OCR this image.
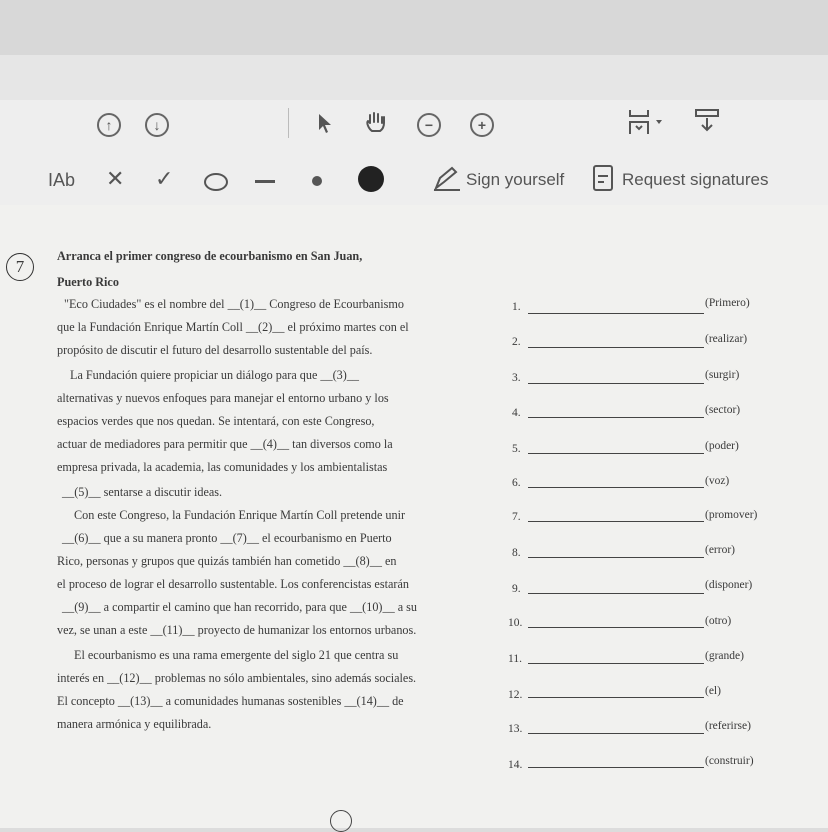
↑	↓	−	+
IAb ✕ ✓	Sign yourself	Request signatures
7
Arranca el primer congreso de ecourbanismo en San Juan,
Puerto Rico
"Eco Ciudades" es el nombre del __(1)__ Congreso de Ecourbanismo
que la Fundación Enrique Martín Coll __(2)__ el próximo martes con el
propósito de discutir el futuro del desarrollo sustentable del país.
La Fundación quiere propiciar un diálogo para que __(3)__
alternativas y nuevos enfoques para manejar el entorno urbano y los
espacios verdes que nos quedan. Se intentará, con este Congreso,
actuar de mediadores para permitir que __(4)__ tan diversos como la
empresa privada, la academia, las comunidades y los ambientalistas
__(5)__ sentarse a discutir ideas.
Con este Congreso, la Fundación Enrique Martín Coll pretende unir
__(6)__ que a su manera pronto __(7)__ el ecourbanismo en Puerto
Rico, personas y grupos que quizás también han cometido __(8)__ en
el proceso de lograr el desarrollo sustentable. Los conferencistas estarán
__(9)__ a compartir el camino que han recorrido, para que __(10)__ a su
vez, se unan a este __(11)__ proyecto de humanizar los entornos urbanos.
El ecourbanismo es una rama emergente del siglo 21 que centra su
interés en __(12)__ problemas no sólo ambientales, sino además sociales.
El concepto __(13)__ a comunidades humanas sostenibles __(14)__ de
manera armónica y equilibrada.
1.	(Primero)
2.	(realizar)
3.	(surgir)
4.	(sector)
5.	(poder)
6.	(voz)
7.	(promover)
8.	(error)
9.	(disponer)
10.	(otro)
11.	(grande)
12.	(el)
13.	(referirse)
14.	(construir)
